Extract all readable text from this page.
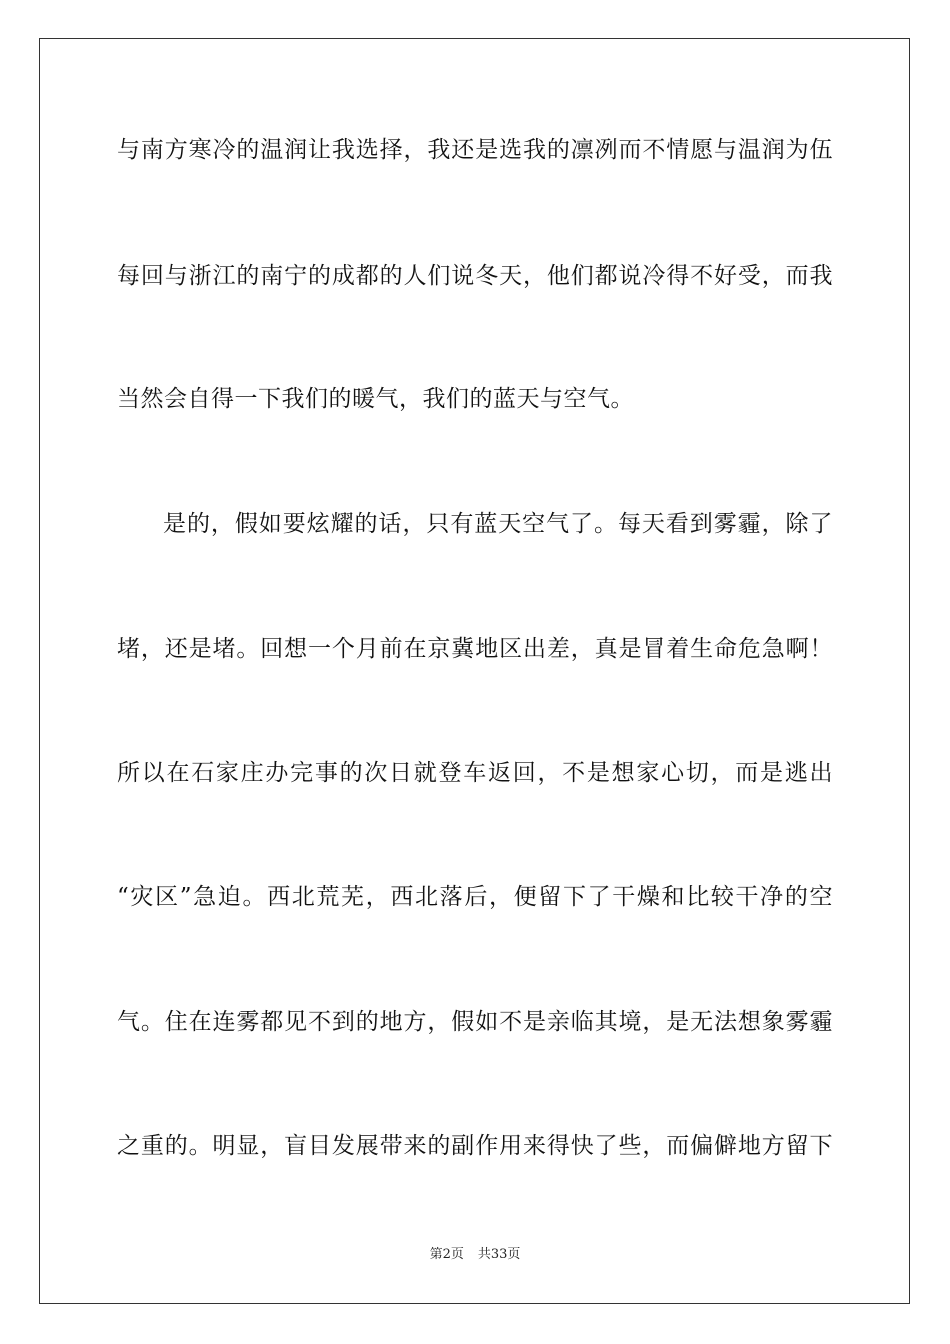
与南方寒冷的温润让我选择，我还是选我的凛冽而不情愿与温润为伍
每回与浙江的南宁的成都的人们说冬天，他们都说冷得不好受，而我
当然会自得一下我们的暖气，我们的蓝天与空气。
是的，假如要炫耀的话，只有蓝天空气了。每天看到雾霾，除了
堵，还是堵。回想一个月前在京冀地区出差，真是冒着生命危急啊！
所以在石家庄办完事的次日就登车返回，不是想家心切，而是逃出
“灾区”急迫。西北荒芜，西北落后，便留下了干燥和比较干净的空
气。住在连雾都见不到的地方，假如不是亲临其境，是无法想象雾霾
之重的。明显，盲目发展带来的副作用来得快了些，而偏僻地方留下
第2页 共33页
